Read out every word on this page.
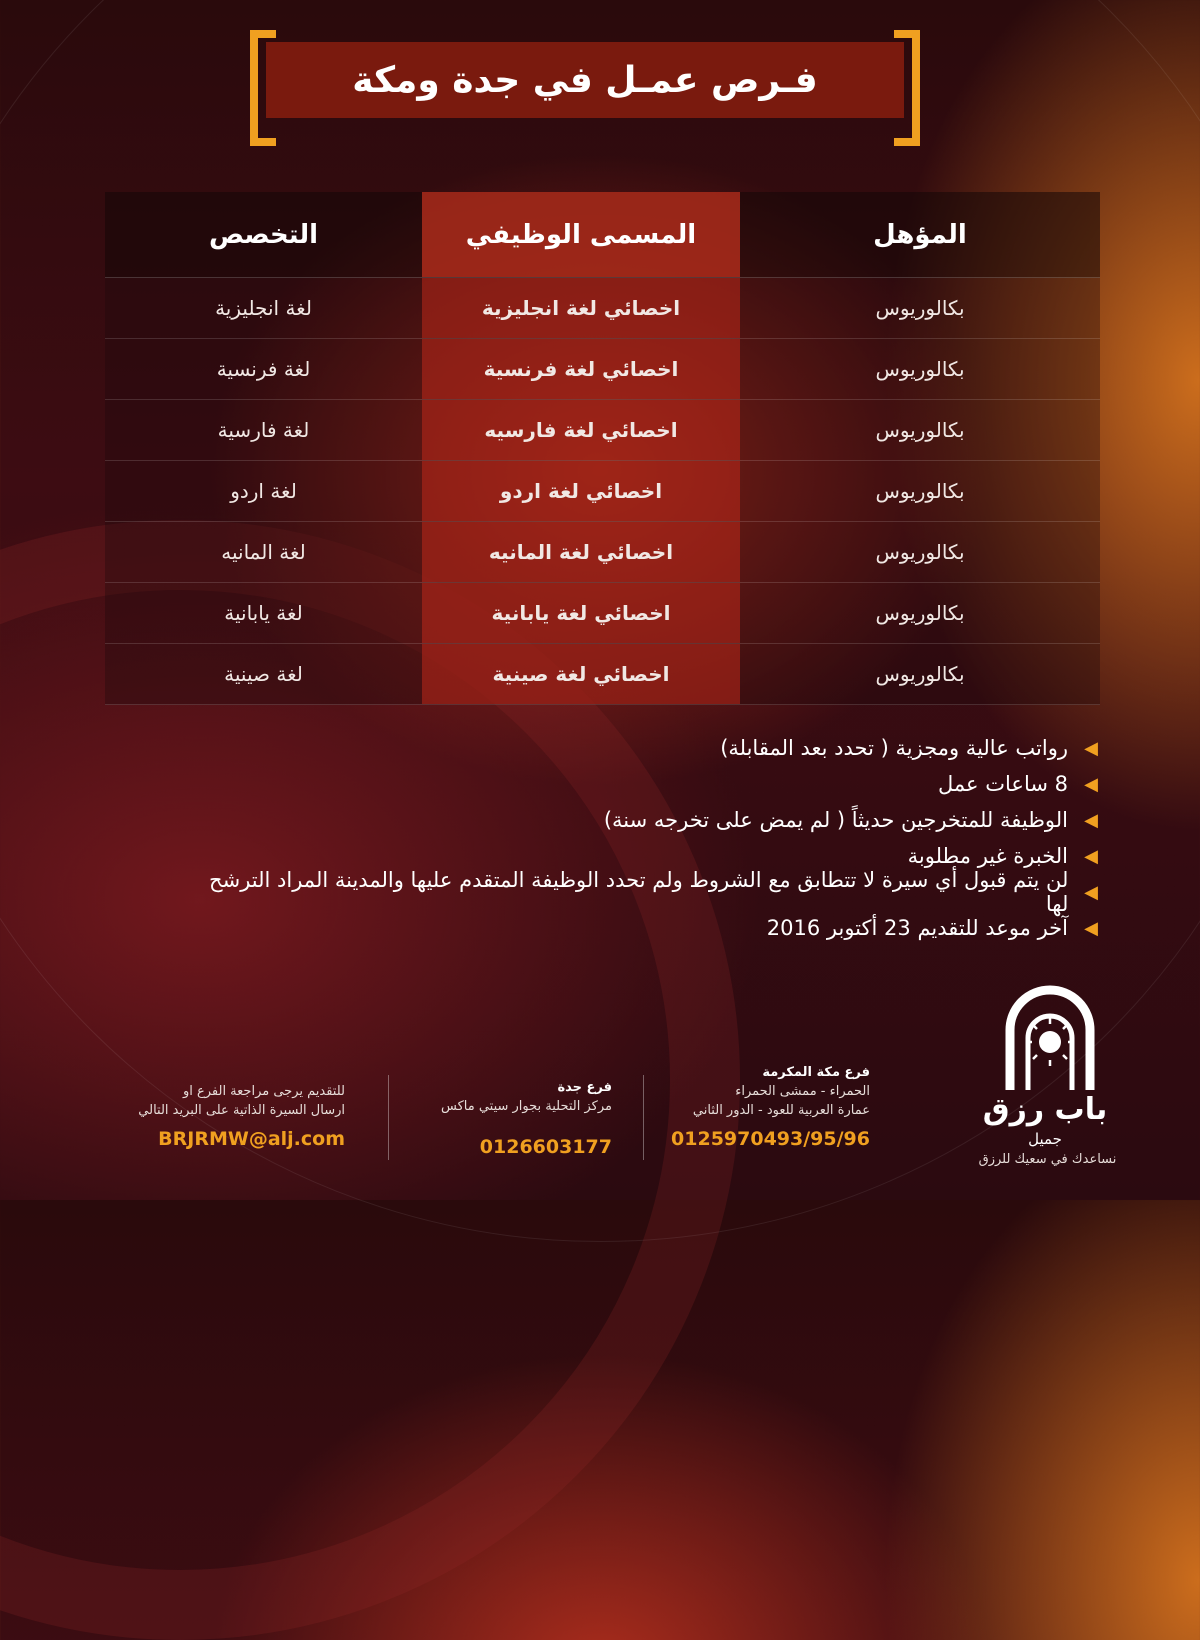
فـرص عمـل في جدة ومكة
المؤهل
المسمى الوظيفي
التخصص
بكالوريوس
اخصائي لغة انجليزية
لغة انجليزية
بكالوريوس
اخصائي لغة فرنسية
لغة فرنسية
بكالوريوس
اخصائي لغة فارسيه
لغة فارسية
بكالوريوس
اخصائي لغة اردو
لغة اردو
بكالوريوس
اخصائي لغة المانيه
لغة المانيه
بكالوريوس
اخصائي لغة يابانية
لغة يابانية
بكالوريوس
اخصائي لغة صينية
لغة صينية
◀
رواتب عالية ومجزية ( تحدد بعد المقابلة)
◀
8 ساعات عمل
◀
الوظيفة للمتخرجين حديثاً ( لم يمض على تخرجه سنة)
◀
الخبرة غير مطلوبة
◀
لن يتم قبول أي سيرة لا تتطابق مع الشروط ولم تحدد الوظيفة المتقدم عليها والمدينة المراد الترشح لها
◀
آخر موعد للتقديم 23 أكتوبر 2016
فرع مكة المكرمة
الحمراء - ممشى الحمراء
عمارة العربية للعود - الدور الثاني
0125970493/95/96
فرع جدة
مركز التحلية بجوار سيتي ماكس
0126603177
للتقديم يرجى مراجعة الفرع او
ارسال السيرة الذاتية على البريد التالي
BRJRMW@alj.com
باب رزق
جميل
نساعدك في سعيك للرزق
